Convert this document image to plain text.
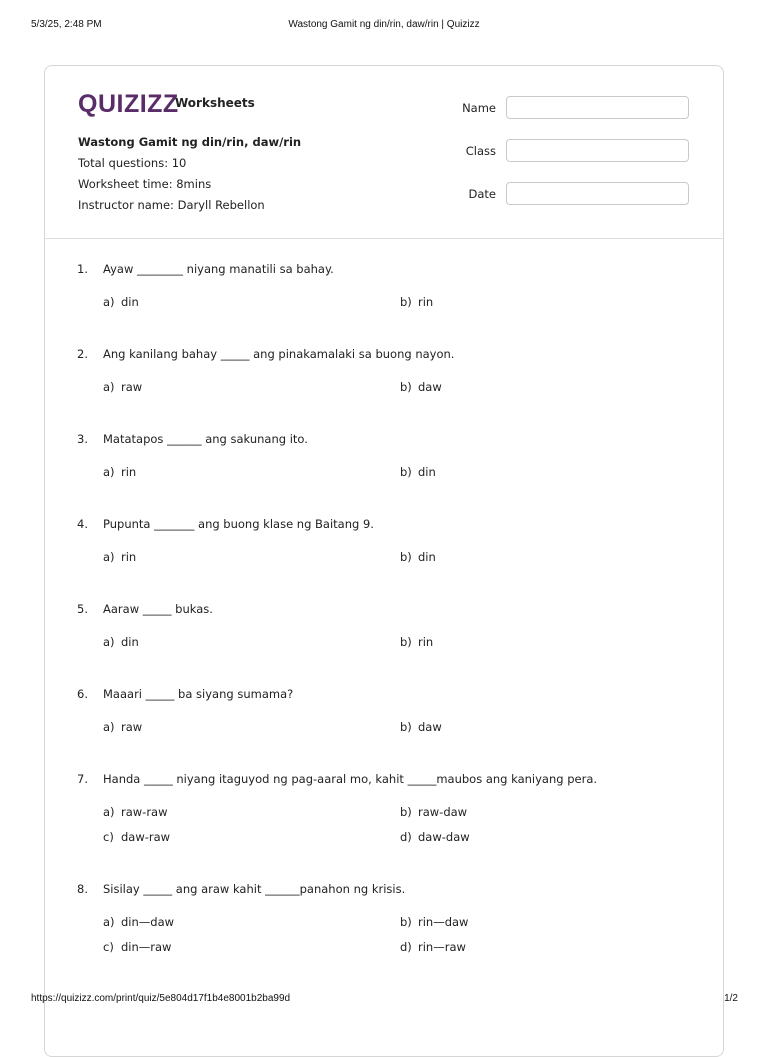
5/3/25, 2:48 PM	Wastong Gamit ng din/rin, daw/rin | Quizizz
QUIZIZZ
Worksheets
Wastong Gamit ng din/rin, daw/rin
Total questions: 10
Worksheet time: 8mins
Instructor name: Daryll Rebellon
Name
Class
Date
1. Ayaw ________ niyang manatili sa bahay.
a) din	b) rin
2. Ang kanilang bahay _____ ang pinakamalaki sa buong nayon.
a) raw	b) daw
3. Matatapos ______ ang sakunang ito.
a) rin	b) din
4. Pupunta _______ ang buong klase ng Baitang 9.
a) rin	b) din
5. Aaraw _____ bukas.
a) din	b) rin
6. Maaari _____ ba siyang sumama?
a) raw	b) daw
7. Handa _____ niyang itaguyod ng pag-aaral mo, kahit _____maubos ang kaniyang pera.
a) raw-raw	b) raw-daw
c) daw-raw	d) daw-daw
8. Sisilay _____ ang araw kahit ______panahon ng krisis.
a) din—daw	b) rin—daw
c) din—raw	d) rin—raw
https://quizizz.com/print/quiz/5e804d17f1b4e8001b2ba99d	1/2
